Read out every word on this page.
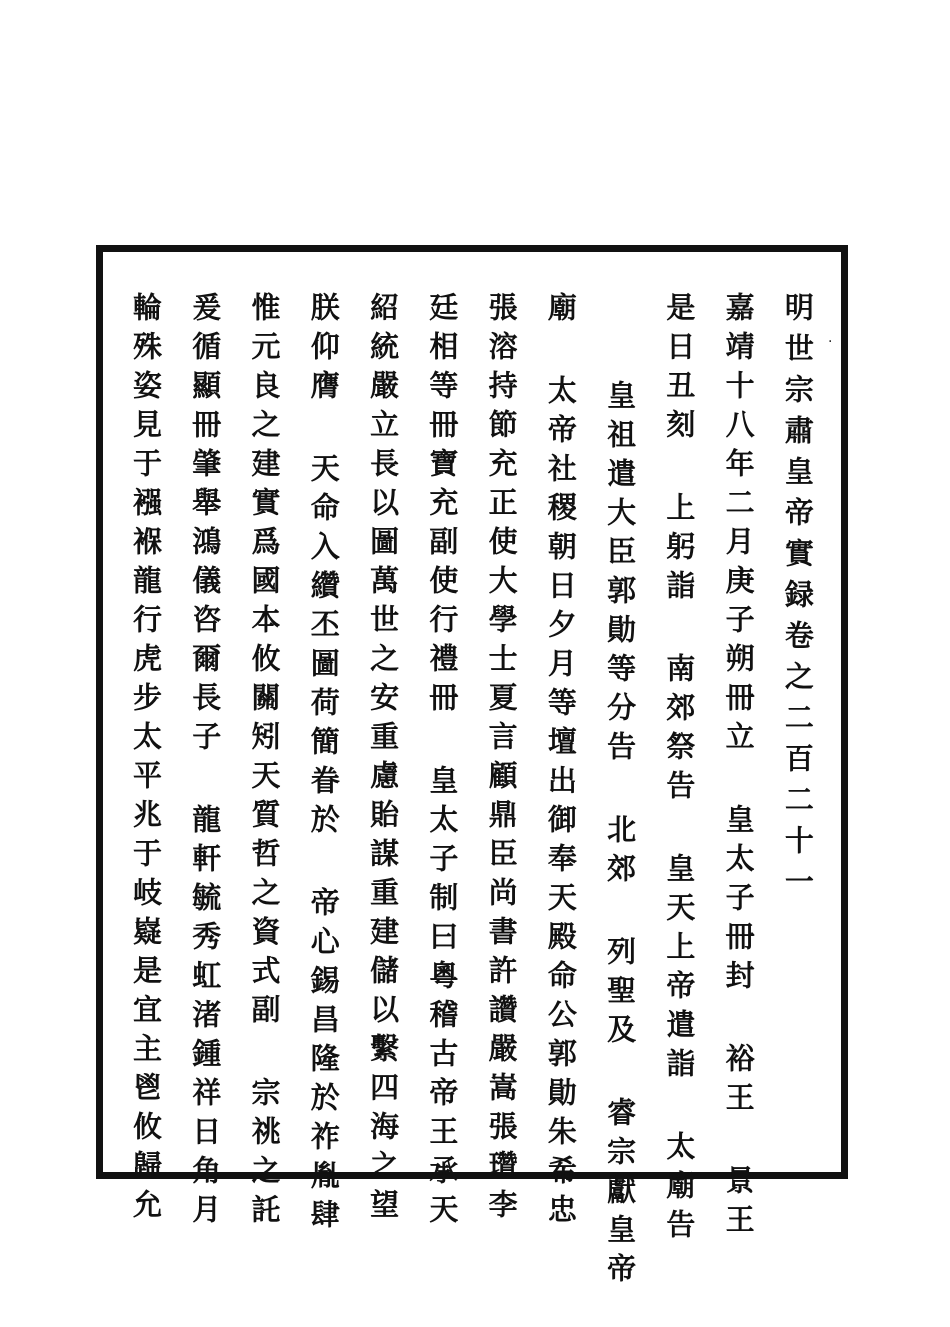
明世宗肅皇帝實録卷之二百二十一
嘉靖十八年二月庚子朔冊立 皇太子冊封 裕王 景王
是日丑刻 上躬詣 南郊祭告 皇天上帝遣詣 太廟告
皇祖遣大臣郭勛等分告 北郊 列聖及 睿宗獻皇帝
廟 太帝社稷朝日夕月等壇出御奉天殿命公郭勛朱希忠
張溶持節充正使大學士夏言顧鼎臣尚書許讚嚴嵩張瓚李
廷相等冊寶充副使行禮冊 皇太子制曰粵稽古帝王承天
紹統嚴立長以圖萬世之安重慮貽謀重建儲以繫四海之望
朕仰膺 天命入纘丕圖荷簡眷於 帝心錫昌隆於祚胤肆
惟元良之建實爲國本攸關矧天質哲之資式副 宗祧之託
爰循顯冊肇舉鴻儀咨爾長子 龍軒毓秀虹渚鍾祥日角月
輪殊姿見于襁褓龍行虎步太平兆于岐嶷是宜主鬯攸歸允	·
